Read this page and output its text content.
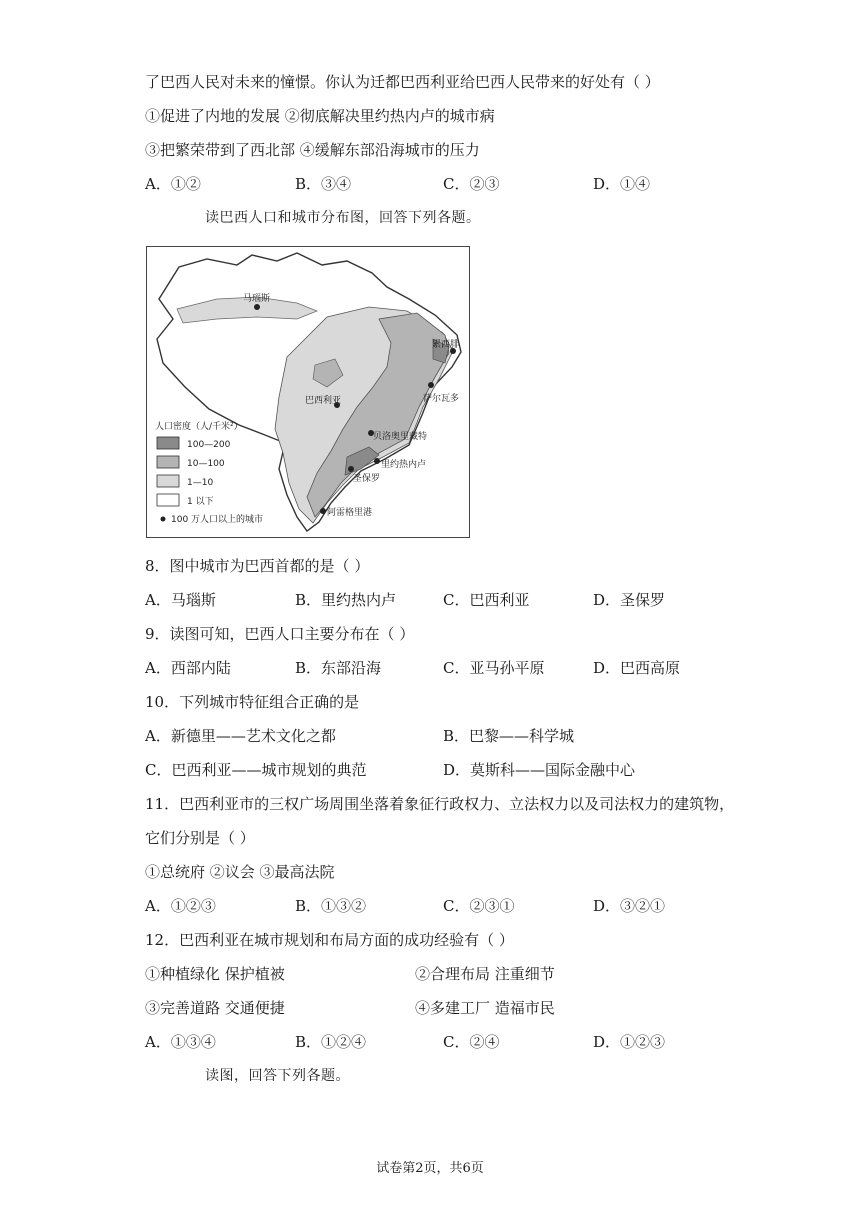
了巴西人民对未来的憧憬。你认为迁都巴西利亚给巴西人民带来的好处有（ ）
①促进了内地的发展 ②彻底解决里约热内卢的城市病
③把繁荣带到了西北部 ④缓解东部沿海城市的压力
A．①②	B．③④	C．②③	D．①④
读巴西人口和城市分布图，回答下列各题。
马瑙斯
累西腓
萨尔瓦多
巴西利亚
贝洛奥里藏特
里约热内卢
圣保罗
阿雷格里港
人口密度（人/千米²）
100—200
10—100
1—10
1 以下
100 万人口以上的城市
8．图中城市为巴西首都的是（ ）
A．马瑙斯	B．里约热内卢	C．巴西利亚	D．圣保罗
9．读图可知，巴西人口主要分布在（ ）
A．西部内陆	B．东部沿海	C．亚马孙平原	D．巴西高原
10．下列城市特征组合正确的是
A．新德里——艺术文化之都	B．巴黎——科学城
C．巴西利亚——城市规划的典范	D．莫斯科——国际金融中心
11．巴西利亚市的三权广场周围坐落着象征行政权力、立法权力以及司法权力的建筑物，
它们分别是（ ）
①总统府 ②议会 ③最高法院
A．①②③	B．①③②	C．②③①	D．③②①
12．巴西利亚在城市规划和布局方面的成功经验有（ ）
①种植绿化 保护植被	②合理布局 注重细节
③完善道路 交通便捷	④多建工厂 造福市民
A．①③④	B．①②④	C．②④	D．①②③
读图，回答下列各题。
试卷第2页，共6页
